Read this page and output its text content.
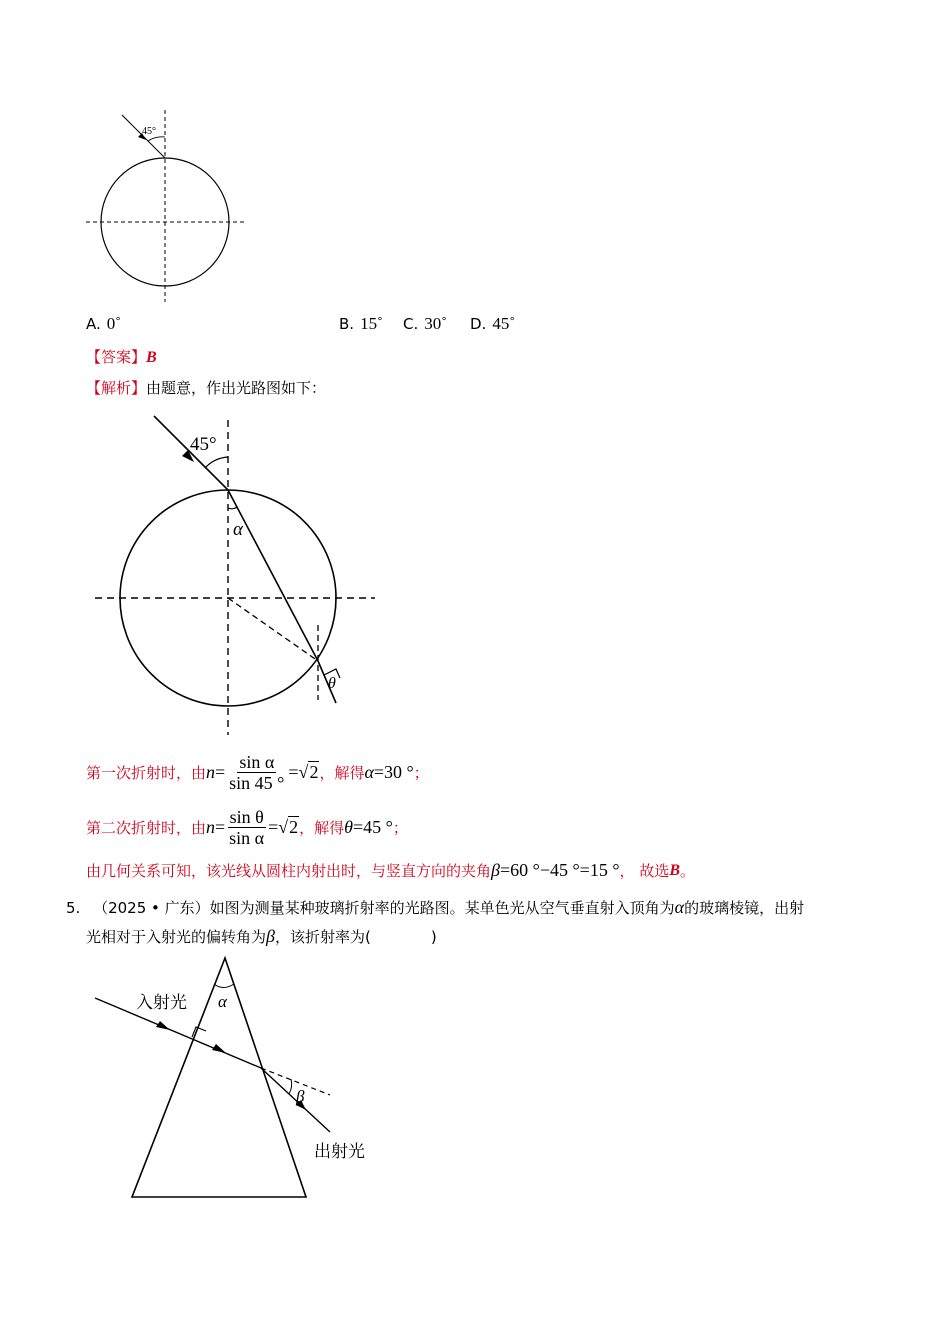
45°
A. 0˚	B. 15˚ C. 30˚ D. 45˚
【答案】B
【解析】由题意，作出光路图如下：
45°
α
θ
第一次折射时，由 $n = \frac{\text{sin α}}{\sin 45 ^\circ} = √2$ ，解得 α =30 ° ；
第二次折射时，由 $n = \frac{\text{sin θ}}{\text{sin α}} = √2$ ，解得 θ =45 ° ；
由几何关系可知，该光线从圆柱内射出时，与竖直方向的夹角 β =60 °−45 °=15 ° ， 故选 B 。
5. （2025 • 广东）如图为测量某种玻璃折射率的光路图。某单色光从空气垂直射入顶角为α的玻璃棱镜，出射
光相对于入射光的偏转角为β，该折射率为(　　　　)
α
β
入射光
出射光
